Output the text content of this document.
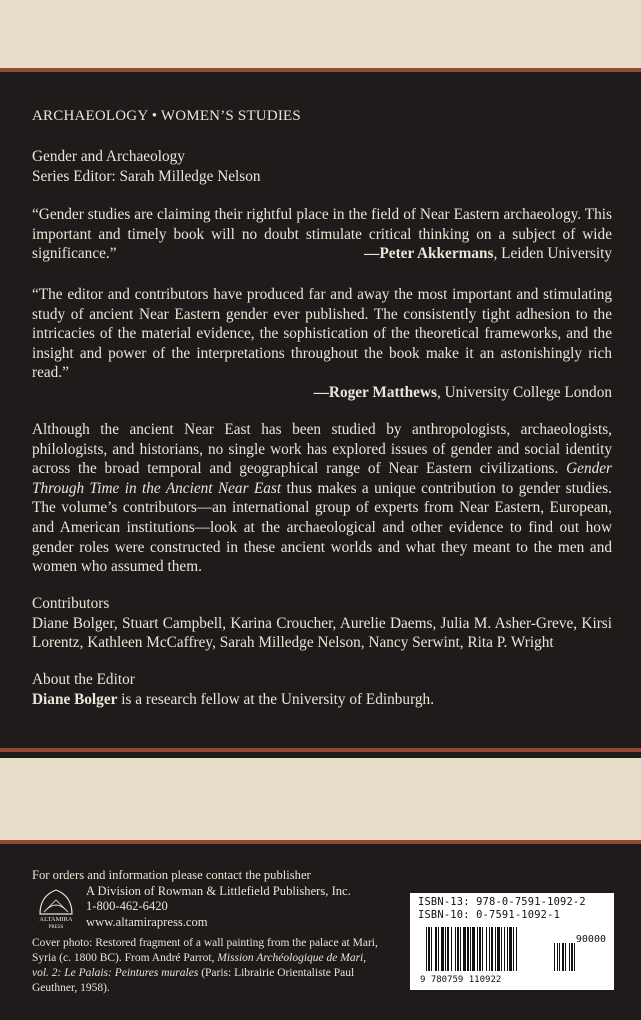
ARCHAEOLOGY • WOMEN’S STUDIES

Gender and Archaeology

Series Editor: Sarah Milledge Nelson

“Gender studies are claiming their rightful place in the field of Near Eastern archaeology. This important and timely book will no doubt stimulate critical thinking on a subject of wide significance.”	—Peter Akkermans, Leiden University

“The editor and contributors have produced far and away the most important and stimulating study of ancient Near Eastern gender ever published. The consistently tight adhesion to the intricacies of the material evidence, the sophistication of the theoretical frameworks, and the insight and power of the interpretations throughout the book make it an astonishingly rich read.”

—Roger Matthews, University College London

Although the ancient Near East has been studied by anthropologists, archaeologists, philologists, and historians, no single work has explored issues of gender and social identity across the broad temporal and geographical range of Near Eastern civilizations. Gender Through Time in the Ancient Near East thus makes a unique contribution to gender studies. The volume’s contributors—an international group of experts from Near Eastern, European, and American institutions—look at the archaeological and other evidence to find out how gender roles were constructed in these ancient worlds and what they meant to the men and women who assumed them.

Contributors

Diane Bolger, Stuart Campbell, Karina Croucher, Aurelie Daems, Julia M. Asher-Greve, Kirsi Lorentz, Kathleen McCaffrey, Sarah Milledge Nelson, Nancy Serwint, Rita P. Wright

About the Editor

Diane Bolger is a research fellow at the University of Edinburgh.

For orders and information please contact the publisher
ALTAMIRA
PRESS
A Division of Rowman & Littlefield Publishers, Inc.
1-800-462-6420
www.altamirapress.com
Cover photo: Restored fragment of a wall painting from the palace at Mari, Syria (c. 1800 BC). From André Parrot, Mission Archéologique de Mari, vol. 2: Le Palais: Peintures murales (Paris: Librairie Orientaliste Paul Geuthner, 1958).
ISBN-13: 978-0-7591-1092-2
ISBN-10: 0-7591-1092-1
9 780759 110922
90000
